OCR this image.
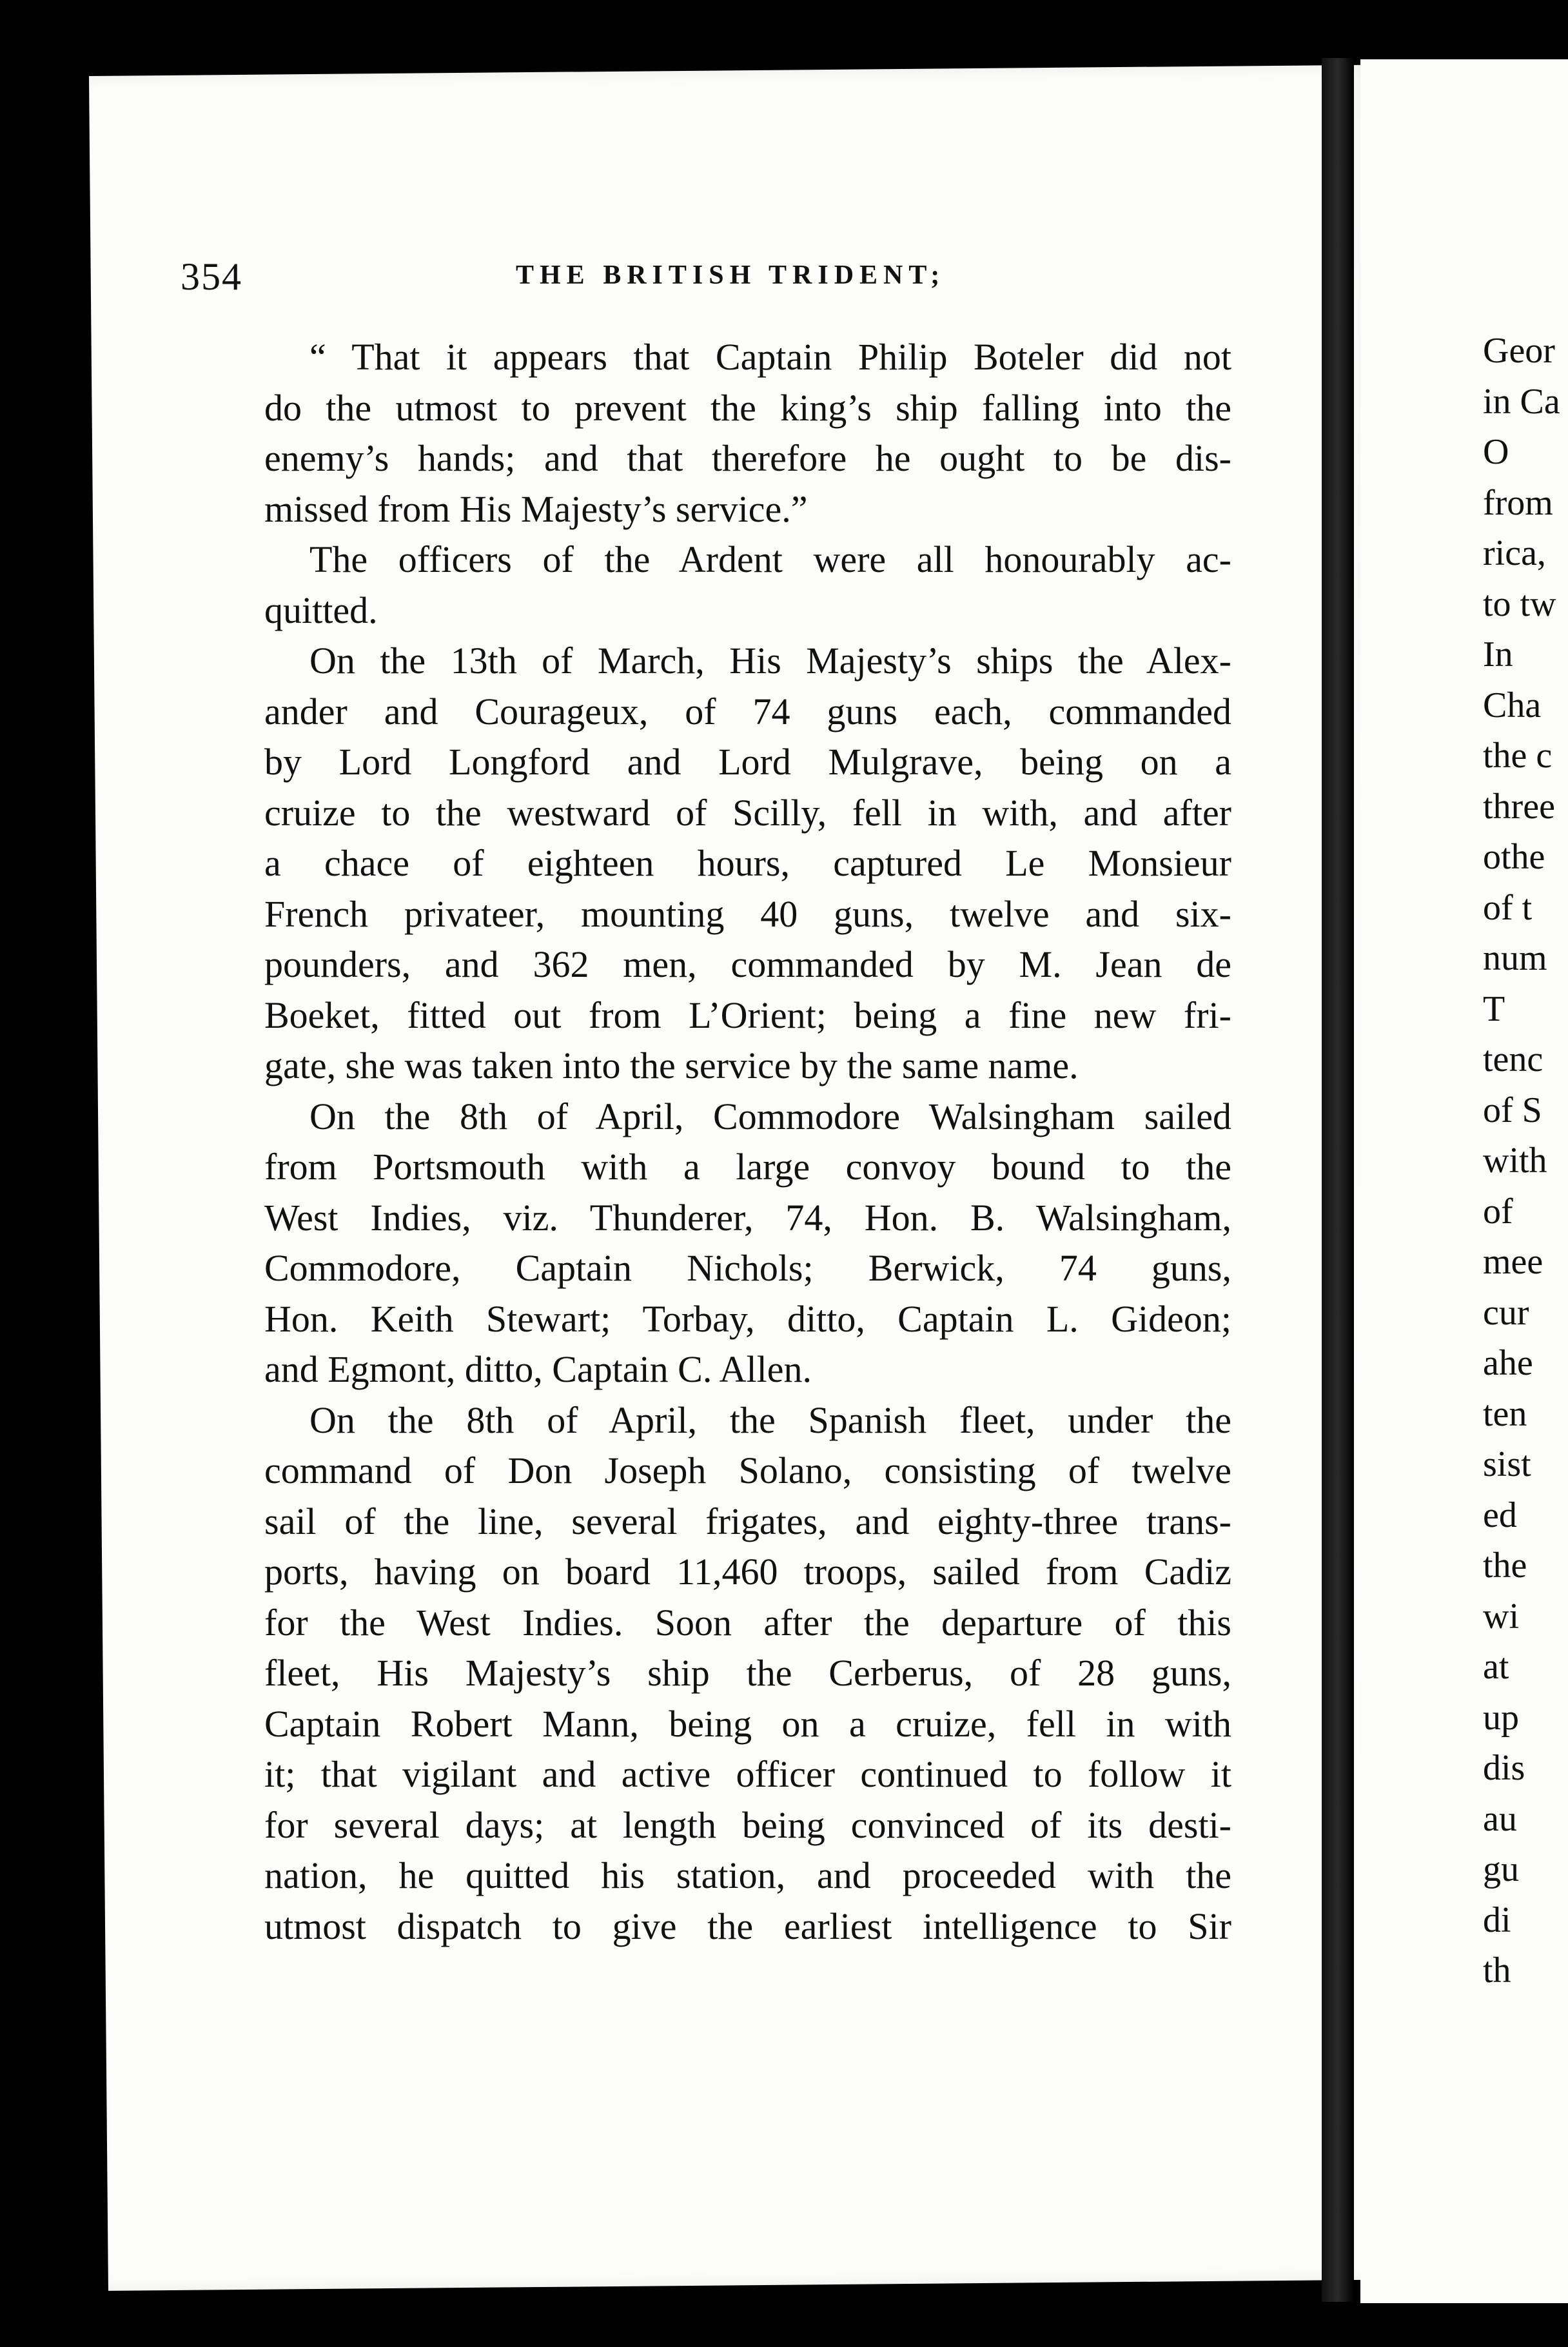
354	THE BRITISH TRIDENT;
“ That it appears that Captain Philip Boteler did not
do the utmost to prevent the king’s ship falling into the
enemy’s hands; and that therefore he ought to be dis-
missed from His Majesty’s service.”
The officers of the Ardent were all honourably ac-
quitted.
On the 13th of March, His Majesty’s ships the Alex-
ander and Courageux, of 74 guns each, commanded
by Lord Longford and Lord Mulgrave, being on a
cruize to the westward of Scilly, fell in with, and after
a chace of eighteen hours, captured Le Monsieur
French privateer, mounting 40 guns, twelve and six-
pounders, and 362 men, commanded by M. Jean de
Boeket, fitted out from L’Orient; being a fine new fri-
gate, she was taken into the service by the same name.
On the 8th of April, Commodore Walsingham sailed
from Portsmouth with a large convoy bound to the
West Indies, viz. Thunderer, 74, Hon. B. Walsingham,
Commodore, Captain Nichols; Berwick, 74 guns,
Hon. Keith Stewart; Torbay, ditto, Captain L. Gideon;
and Egmont, ditto, Captain C. Allen.
On the 8th of April, the Spanish fleet, under the
command of Don Joseph Solano, consisting of twelve
sail of the line, several frigates, and eighty-three trans-
ports, having on board 11,460 troops, sailed from Cadiz
for the West Indies. Soon after the departure of this
fleet, His Majesty’s ship the Cerberus, of 28 guns,
Captain Robert Mann, being on a cruize, fell in with
it; that vigilant and active officer continued to follow it
for several days; at length being convinced of its desti-
nation, he quitted his station, and proceeded with the
utmost dispatch to give the earliest intelligence to Sir
Geor
in Ca
O
from
rica,
to tw
In
Cha
the c
three
othe
of t
num
T
tenc
of S
with
of
mee
cur
ahe
ten
sist
ed
the
wi
at
up
dis
au
gu
di
th
